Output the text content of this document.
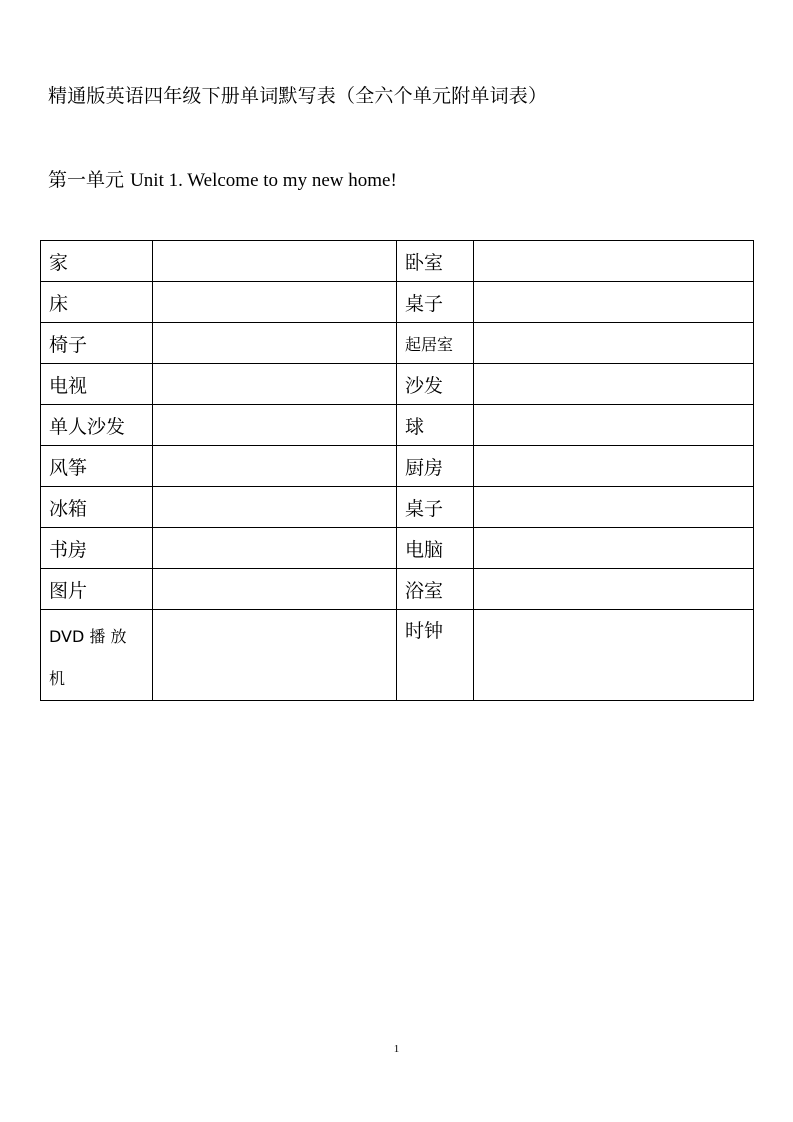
精通版英语四年级下册单词默写表（全六个单元附单词表）
第一单元 Unit 1. Welcome to my new home!
家		卧室	
床		桌子	
椅子		起居室	
电视		沙发	
单人沙发		球	
风筝		厨房	
冰箱		桌子	
书房		电脑	
图片		浴室	
DVD 播 放 机		时钟	
1
